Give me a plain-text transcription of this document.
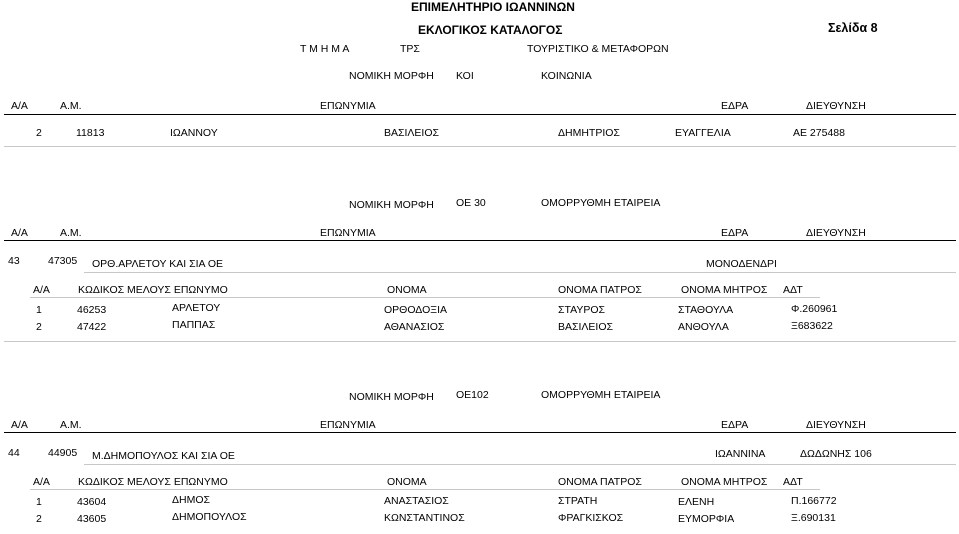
ΕΠΙΜΕΛΗΤΗΡΙΟ ΙΩΑΝΝΙΝΩΝ
ΕΚΛΟΓΙΚΟΣ ΚΑΤΑΛΟΓΟΣ	Σελίδα 8
Τ Μ Η Μ Α	ΤΡΣ	ΤΟΥΡΙΣΤΙΚΟ & ΜΕΤΑΦΟΡΩΝ
ΝΟΜΙΚΗ ΜΟΡΦΗ ΚΟΙ	ΚΟΙΝΩΝΙΑ
Α/Α	Α.Μ.	ΕΠΩΝΥΜΙΑ	ΕΔΡΑ	ΔΙΕΥΘΥΝΣΗ
2	11813	ΙΩΑΝΝΟΥ	ΒΑΣΙΛΕΙΟΣ	ΔΗΜΗΤΡΙΟΣ	ΕΥΑΓΓΕΛΙΑ	ΑΕ 275488
ΝΟΜΙΚΗ ΜΟΡΦΗ ΟΕ 30	ΟΜΟΡΡΥΘΜΗ ΕΤΑΙΡΕΙΑ
Α/Α	Α.Μ.	ΕΠΩΝΥΜΙΑ	ΕΔΡΑ	ΔΙΕΥΘΥΝΣΗ
43	47305 ΟΡΘ.ΑΡΛΕΤΟΥ ΚΑΙ ΣΙΑ ΟΕ	ΜΟΝΟΔΕΝΔΡΙ
Α/Α	ΚΩΔΙΚΟΣ ΜΕΛΟΥΣ ΕΠΩΝΥΜΟ	ΟΝΟΜΑ	ΟΝΟΜΑ ΠΑΤΡΟΣ	ΟΝΟΜΑ ΜΗΤΡΟΣ ΑΔΤ
1	46253	ΑΡΛΕΤΟΥ	ΟΡΘΟΔΟΞΙΑ	ΣΤΑΥΡΟΣ	ΣΤΑΘΟΥΛΑ	Φ.260961
2	47422	ΠΑΠΠΑΣ	ΑΘΑΝΑΣΙΟΣ	ΒΑΣΙΛΕΙΟΣ	ΑΝΘΟΥΛΑ	Ξ683622
ΝΟΜΙΚΗ ΜΟΡΦΗ ΟΕ102	ΟΜΟΡΡΥΘΜΗ ΕΤΑΙΡΕΙΑ
Α/Α	Α.Μ.	ΕΠΩΝΥΜΙΑ	ΕΔΡΑ	ΔΙΕΥΘΥΝΣΗ
44	44905 Μ.ΔΗΜΟΠΟΥΛΟΣ ΚΑΙ ΣΙΑ ΟΕ	ΙΩΑΝΝΙΝΑ	ΔΩΔΩΝΗΣ 106
Α/Α	ΚΩΔΙΚΟΣ ΜΕΛΟΥΣ ΕΠΩΝΥΜΟ	ΟΝΟΜΑ	ΟΝΟΜΑ ΠΑΤΡΟΣ	ΟΝΟΜΑ ΜΗΤΡΟΣ ΑΔΤ
1	43604	ΔΗΜΟΣ	ΑΝΑΣΤΑΣΙΟΣ	ΣΤΡΑΤΗ	ΕΛΕΝΗ	Π.166772
2	43605	ΔΗΜΟΠΟΥΛΟΣ	ΚΩΝΣΤΑΝΤΙΝΟΣ	ΦΡΑΓΚΙΣΚΟΣ	ΕΥΜΟΡΦΙΑ	Ξ.690131
